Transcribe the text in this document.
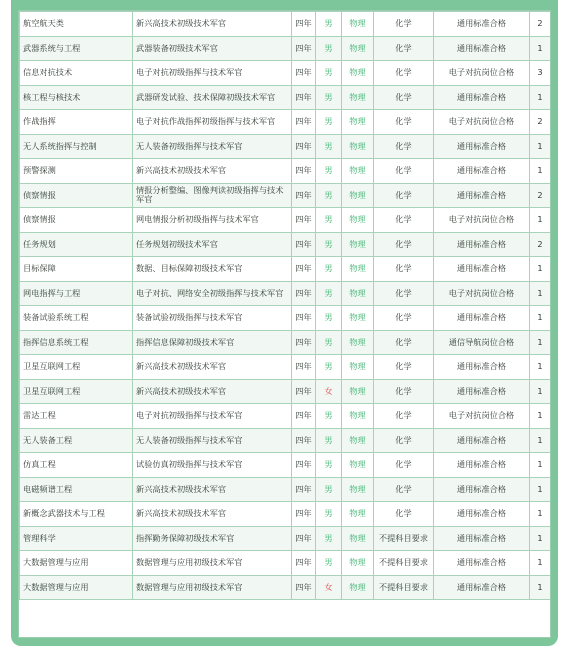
航空航天类	新兴高技术初级技术军官	四年	男	物理	化学	通用标准合格	2
武器系统与工程	武器装备初级技术军官	四年	男	物理	化学	通用标准合格	1
信息对抗技术	电子对抗初级指挥与技术军官	四年	男	物理	化学	电子对抗岗位合格	3
核工程与核技术	武器研发试验、技术保障初级技术军官	四年	男	物理	化学	通用标准合格	1
作战指挥	电子对抗作战指挥初级指挥与技术军官	四年	男	物理	化学	电子对抗岗位合格	2
无人系统指挥与控制	无人装备初级指挥与技术军官	四年	男	物理	化学	通用标准合格	1
预警探测	新兴高技术初级技术军官	四年	男	物理	化学	通用标准合格	1
侦察情报	情报分析整编、图像判读初级指挥与技术军官	四年	男	物理	化学	通用标准合格	2
侦察情报	网电情报分析初级指挥与技术军官	四年	男	物理	化学	电子对抗岗位合格	1
任务规划	任务规划初级技术军官	四年	男	物理	化学	通用标准合格	2
目标保障	数据、目标保障初级技术军官	四年	男	物理	化学	通用标准合格	1
网电指挥与工程	电子对抗、网络安全初级指挥与技术军官	四年	男	物理	化学	电子对抗岗位合格	1
装备试验系统工程	装备试验初级指挥与技术军官	四年	男	物理	化学	通用标准合格	1
指挥信息系统工程	指挥信息保障初级技术军官	四年	男	物理	化学	通信导航岗位合格	1
卫星互联网工程	新兴高技术初级技术军官	四年	男	物理	化学	通用标准合格	1
卫星互联网工程	新兴高技术初级技术军官	四年	女	物理	化学	通用标准合格	1
雷达工程	电子对抗初级指挥与技术军官	四年	男	物理	化学	电子对抗岗位合格	1
无人装备工程	无人装备初级指挥与技术军官	四年	男	物理	化学	通用标准合格	1
仿真工程	试验仿真初级指挥与技术军官	四年	男	物理	化学	通用标准合格	1
电磁频谱工程	新兴高技术初级技术军官	四年	男	物理	化学	通用标准合格	1
新概念武器技术与工程	新兴高技术初级技术军官	四年	男	物理	化学	通用标准合格	1
管理科学	指挥勤务保障初级技术军官	四年	男	物理	不提科目要求	通用标准合格	1
大数据管理与应用	数据管理与应用初级技术军官	四年	男	物理	不提科目要求	通用标准合格	1
大数据管理与应用	数据管理与应用初级技术军官	四年	女	物理	不提科目要求	通用标准合格	1
